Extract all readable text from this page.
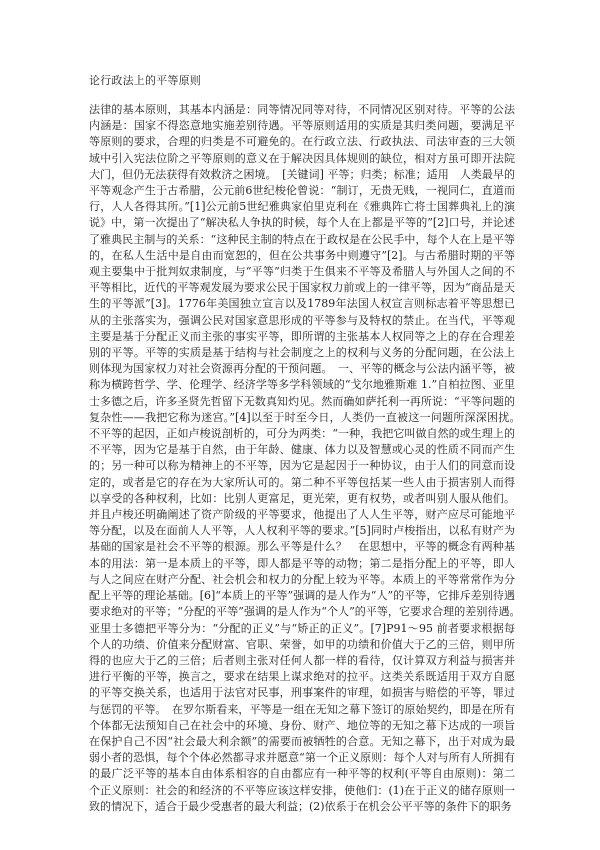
论行政法上的平等原则

法律的基本原则，其基本内涵是：同等情况同等对待，不同情况区别对待。平等的公法内涵是：国家不得恣意地实施差别待遇。平等原则适用的实质是其归类问题，要满足平等原则的要求，合理的归类是不可避免的。在行政立法、行政执法、司法审查的三大领域中引入宪法位阶之平等原则的意义在于解决因具体规则的缺位，相对方虽可即开法院大门，但仍无法获得有效救济之困境。　[关键词] 平等；归类；标准；适用　人类最早的平等观念产生于古希腊，公元前6世纪梭伦曾说：“制订，无贵无贱，一视同仁，直道而行，人人各得其所。”[1]公元前5世纪雅典家伯里克利在《雅典阵亡将士国葬典礼上的演说》中，第一次提出了“解决私人争执的时候，每个人在上都是平等的”[2]口号，并论述了雅典民主制与的关系：“这种民主制的特点在于政权是在公民手中，每个人在上是平等的，在私人生活中是自由而宽恕的，但在公共事务中则遵守”[2]。与古希腊时期的平等观主要集中于批判奴隶制度，与“平等”归类于生俱来不平等及希腊人与外国人之间的不平等相比，近代的平等观发展为要求公民于国家权力前或上的一律平等，因为“商品是天生的平等派”[3]。1776年美国独立宣言以及1789年法国人权宣言则标志着平等思想已从的主张落实为，强调公民对国家意思形成的平等参与及特权的禁止。在当代，平等观主要是基于分配正义而主张的事实平等，即所谓的主张基本人权同等之上的存在合理差别的平等。平等的实质是基于结构与社会制度之上的权利与义务的分配问题，在公法上则体现为国家权力对社会资源再分配的干预问题。　一、平等的概念与公法内涵平等，被称为横跨哲学、学、伦理学、经济学等多学科领域的“戈尔地雅斯难 1.”自柏拉图、亚里士多德之后，许多圣贤先哲留下无数真知灼见。然而确如萨托利一再所说：“平等问题的复杂性——我把它称为迷宫。”[4]以至于时至今日，人类仍一直被这一问题所深深困扰。　不平等的起因，正如卢梭说剖析的，可分为两类：“一种，我把它叫做自然的或生理上的不平等，因为它是基于自然，由于年龄、健康、体力以及智慧或心灵的性质不同而产生的；另一种可以称为精神上的不平等，因为它是起因于一种协议，由于人们的同意而设定的，或者是它的存在为大家所认可的。第二种不平等包括某一些人由于损害别人而得以享受的各种权利，比如：比别人更富足，更光荣，更有权势，或者叫别人服从他们。并且卢梭还明确阐述了资产阶级的平等要求，他提出了人人生平等，财产应尽可能地平等分配，以及在面前人人平等，人人权利平等的要求。”[5]同时卢梭指出，以私有财产为基础的国家是社会不平等的根源。那么平等是什么？　在思想中，平等的概念有两种基本的用法：第一是本质上的平等，即人都是平等的动物；第二是指分配上的平等，即人与人之间应在财产分配、社会机会和权力的分配上较为平等。本质上的平等常常作为分配上平等的理论基础。[6]“本质上的平等”强调的是人作为“人”的平等，它排斥差别待遇要求绝对的平等；“分配的平等”强调的是人作为“个人”的平等，它要求合理的差别待遇。　亚里士多德把平等分为：“分配的正义”与“矫正的正义”。[7]P91～95 前者要求根据每个人的功绩、价值来分配财富、官职、荣誉，如甲的功绩和价值大于乙的三倍，则甲所得的也应大于乙的三倍；后者则主张对任何人都一样的看待，仅计算双方利益与损害并进行平衡的平等，换言之，要求在结果上谋求绝对的拉平。这类关系既适用于双方自愿的平等交换关系，也适用于法官对民事，刑事案件的审理，如损害与赔偿的平等，罪过与惩罚的平等。　在罗尔斯看来，平等是一组在无知之幕下签订的原始契约，即是在所有个体都无法预知自己在社会中的环境、身份、财产、地位等的无知之幕下达成的一项旨在保护自己不因“社会最大利余额”的需要而被牺牲的合意。无知之幕下，出于对成为最弱小者的恐惧，每个个体必然都寻求并愿意“第一个正义原则：每个人对与所有人所拥有的最广泛平等的基本自由体系相容的自由都应有一种平等的权利(平等自由原则)：第二个正义原则：社会的和经济的不平等应该这样安排，使他们：(1)在于正义的储存原则一致的情况下，适合于最少受惠者的最大利益；(2)依系于在机会公平平等的条件下的职务
